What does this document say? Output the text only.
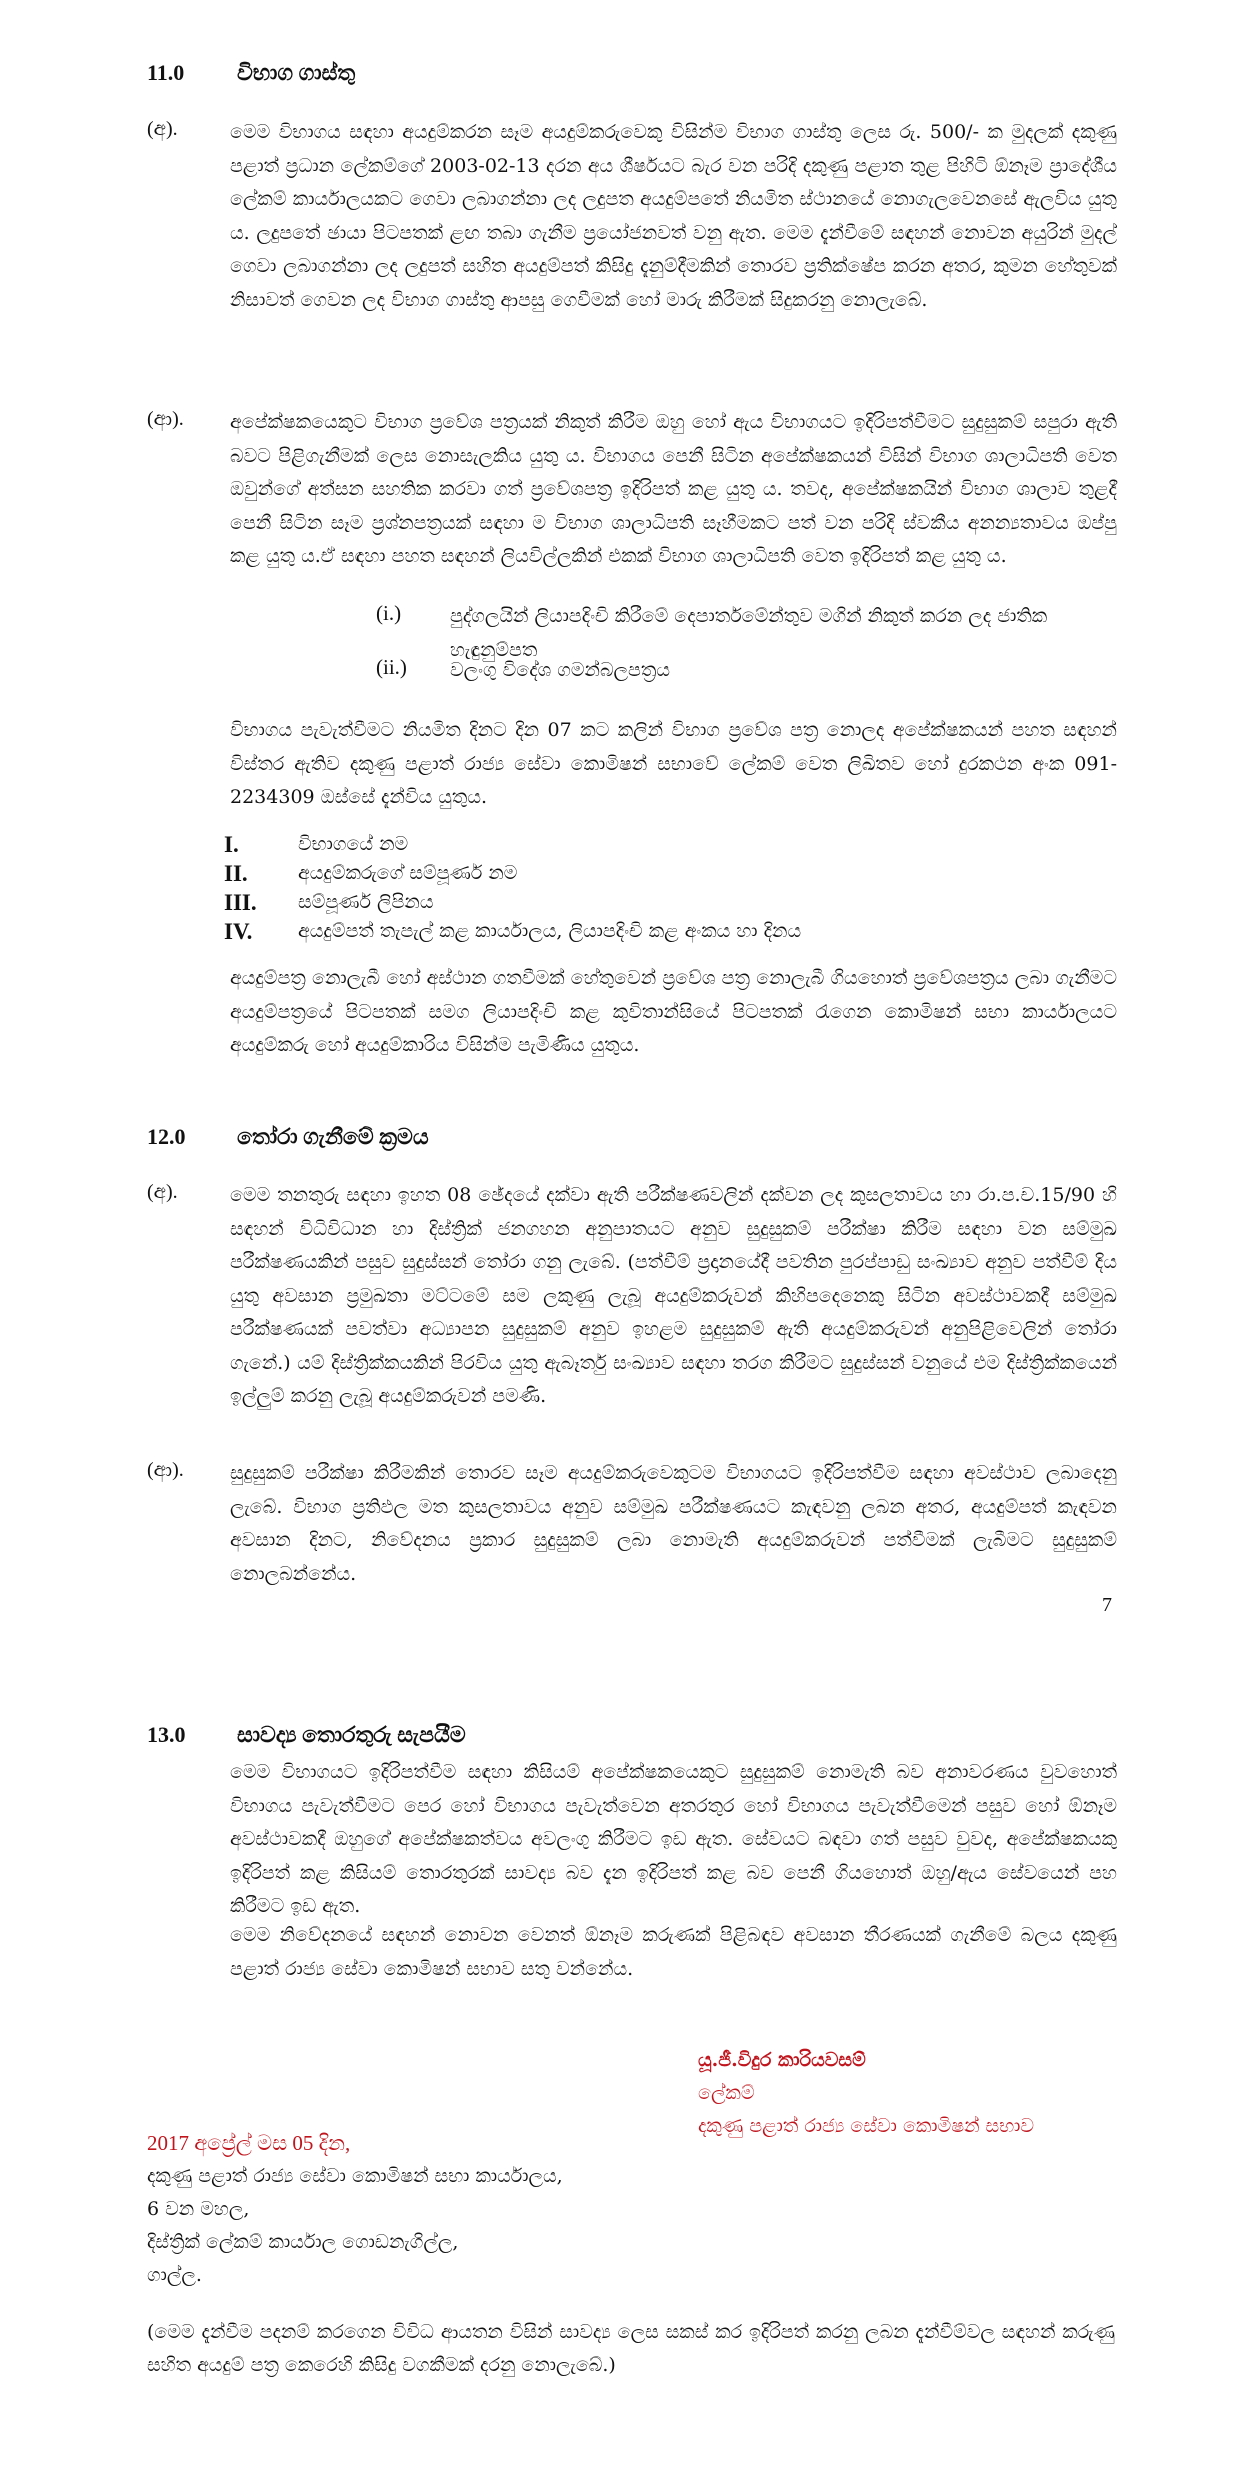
11.0 විභාග ගාස්තු
(අ).	මෙම විභාගය සඳහා අයදුම්කරන සෑම අයදුම්කරුවෙකු විසින්ම විභාග ගාස්තු ලෙස රු. 500/- ක මුදලක් දකුණු පළාත් ප්‍රධාන ලේකම්ගේ 2003-02-13 දරන අය ශීර්ෂයට බැර වන පරිදි දකුණු පළාත තුළ පිහිටි ඕනෑම ප්‍රාදේශීය ලේකම් කාර්යාලයකට ගෙවා ලබාගන්නා ලද ලදුපත අයදුම්පතේ නියමිත ස්ථානයේ නොගැලවෙනසේ ඇලවිය යුතු ය. ලදුපතේ ඡායා පිටපතක් ළඟ තබා ගැනීම ප්‍රයෝජනවත් වනු ඇත. මෙම දැන්වීමේ සඳහන් නොවන අයුරින් මුදල් ගෙවා ලබාගන්නා ලද ලදුපත් සහිත අයදුම්පත් කිසිදු දැනුම්දීමකින් තොරව ප්‍රතික්ෂේප කරන අතර, කුමන හේතුවක් නිසාවත් ගෙවන ලද විභාග ගාස්තු ආපසු ගෙවීමක් හෝ මාරු කිරීමක් සිදුකරනු නොලැබේ.
(ආ). අපේක්ෂකයෙකුට විභාග ප්‍රවේශ පත්‍රයක් නිකුත් කිරීම ඔහු හෝ ඇය විභාගයට ඉදිරිපත්වීමට සුදුසුකම් සපුරා ඇති බවට පිළිගැනීමක් ලෙස නොසැලකිය යුතු ය. විභාගය පෙනී සිටින අපේක්ෂකයන් විසින් විභාග ශාලාධිපති වෙත ඔවුන්ගේ අත්සන සහතික කරවා ගත් ප්‍රවේශපත්‍ර ඉදිරිපත් කළ යුතු ය. තවද, අපේක්ෂකයින් විභාග ශාලාව තුළදී පෙනී සිටින සෑම ප්‍රශ්නපත්‍රයක් සඳහා ම විභාග ශාලාධිපති සෑහීමකට පත් වන පරිදි ස්වකීය අනන්‍යතාවය ඔප්පු කළ යුතු ය.ඒ සඳහා පහත සඳහන් ලියවිල්ලකින් එකක් විභාග ශාලාධිපති වෙත ඉදිරිපත් කළ යුතු ය.
(i.)	පුද්ගලයින් ලියාපදිංචි කිරීමේ දෙපාර්තමේන්තුව මගින් නිකුත් කරන ලද ජාතික හැඳුනුම්පත
(ii.) වලංගු විදේශ ගමන්බලපත්‍රය
විභාගය පැවැත්වීමට නියමිත දිනට දින 07 කට කලින් විභාග ප්‍රවේශ පත්‍ර නොලද අපේක්ෂකයන් පහත සඳහන් විස්තර ඇතිව දකුණු පළාත් රාජ්‍ය සේවා කොමිෂන් සභාවේ ලේකම් වෙත ලිඛිතව හෝ දුරකථන අංක 091-2234309 ඔස්සේ දැන්විය යුතුය.
I.	විභාගයේ නම
II.	අයදුම්කරුගේ සම්පූර්ණ නම
III. සම්පූර්ණ ලිපිනය
IV. අයදුම්පත් තැපැල් කළ කාර්යාලය, ලියාපදිංචි කළ අංකය හා දිනය
අයදුම්පත්‍ර නොලැබී හෝ අස්ථාන ගතවීමක් හේතුවෙන් ප්‍රවේශ පත්‍ර නොලැබී ගියහොත් ප්‍රවේශපත්‍රය ලබා ගැනීමට අයදුම්පත්‍රයේ පිටපතක් සමග ලියාපදිංචි කළ කුවිතාන්සියේ පිටපතක් රැගෙන කොමිෂන් සභා කාර්යාලයට අයදුම්කරු හෝ අයදුම්කාරිය විසින්ම පැමිණිය යුතුය.
12.0 තෝරා ගැනීමේ ක්‍රමය
(අ).	මෙම තනතුරු සඳහා ඉහත 08 ඡේදයේ දක්වා ඇති පරීක්ෂණවලින් දක්වන ලද කුසලතාවය හා රා.ප.ච.15/90 හි සඳහන් විධිවිධාන හා දිස්ත්‍රික් ජනගහන අනුපාතයට අනුව සුදුසුකම් පරීක්ෂා කිරීම සඳහා වන සම්මුඛ පරීක්ෂණයකින් පසුව සුදුස්සන් තෝරා ගනු ලැබේ. (පත්වීම් ප්‍රදානයේදී පවතින පුරප්පාඩු සංඛ්‍යාව අනුව පත්වීම් දිය යුතු අවසාන ප්‍රමුඛතා මට්ටමේ සම ලකුණු ලැබූ අයදුම්කරුවන් කිහිපදෙනෙකු සිටින අවස්ථාවකදී සම්මුඛ පරීක්ෂණයක් පවත්වා අධ්‍යාපන සුදුසුකම් අනුව ඉහළම සුදුසුකම් ඇති අයදුම්කරුවන් අනුපිළිවෙලින් තෝරා ගැනේ.) යම් දිස්ත්‍රික්කයකින් පිරවිය යුතු ඇබෑර්තු සංඛ්‍යාව සඳහා තරග කිරීමට සුදුස්සන් වනුයේ එම දිස්ත්‍රික්කයෙන් ඉල්ලුම් කරනු ලැබූ අයදුම්කරුවන් පමණි.
(ආ). සුදුසුකම් පරීක්ෂා කිරීමකින් තොරව සෑම අයදුම්කරුවෙකුටම විභාගයට ඉදිරිපත්වීම සඳහා අවස්ථාව ලබාදෙනු ලැබේ. විභාග ප්‍රතිඵල මත කුසලතාවය අනුව සම්මුඛ පරීක්ෂණයට කැඳවනු ලබන අතර, අයදුම්පත් කැඳවන අවසාන දිනට, නිවේදනය ප්‍රකාර සුදුසුකම් ලබා නොමැති අයදුම්කරුවන් පත්වීමක් ලැබීමට සුදුසුකම් නොලබන්නේය.
7
13.0 සාවද්‍ය තොරතුරු සැපයීම
මෙම විභාගයට ඉදිරිපත්වීම සඳහා කිසියම් අපේක්ෂකයෙකුට සුදුසුකම් නොමැති බව අනාවරණය වුවහොත් විභාගය පැවැත්වීමට පෙර හෝ විභාගය පැවැත්වෙන අතරතුර හෝ විභාගය පැවැත්වීමෙන් පසුව හෝ ඕනෑම අවස්ථාවකදී ඔහුගේ අපේක්ෂකත්වය අවලංගු කිරීමට ඉඩ ඇත. සේවයට බඳවා ගත් පසුව වුවද, අපේක්ෂකයකු ඉදිරිපත් කළ කිසියම් තොරතුරක් සාවද්‍ය බව දැන ඉදිරිපත් කළ බව පෙනී ගියහොත් ඔහු/ඇය සේවයෙන් පහ කිරීමට ඉඩ ඇත.
මෙම නිවේදනයේ සඳහන් නොවන වෙනත් ඕනෑම කරුණක් පිළිබඳව අවසාන තීරණයක් ගැනීමේ බලය දකුණු පළාත් රාජ්‍ය සේවා කොමිෂන් සභාව සතු වන්නේය.
යූ.ජී.විදුර කාරියවසම්
ලේකම්
දකුණු පළාත් රාජ්‍ය සේවා කොමිෂන් සභාව
2017 අප්‍රේල් මස 05 දින,
දකුණු පළාත් රාජ්‍ය සේවා කොමිෂන් සභා කාර්යාලය,
6 වන මහල,
දිස්ත්‍රික් ලේකම් කාර්යාල ගොඩනැගිල්ල,
ගාල්ල.
(මෙම දැන්වීම පදනම් කරගෙන විවිධ ආයතන විසින් සාවද්‍ය ලෙස සකස් කර ඉදිරිපත් කරනු ලබන දැන්වීම්වල සඳහන් කරුණු සහිත අයදුම් පත්‍ර කෙරෙහි කිසිදු වගකීමක් දරනු නොලැබේ.)
